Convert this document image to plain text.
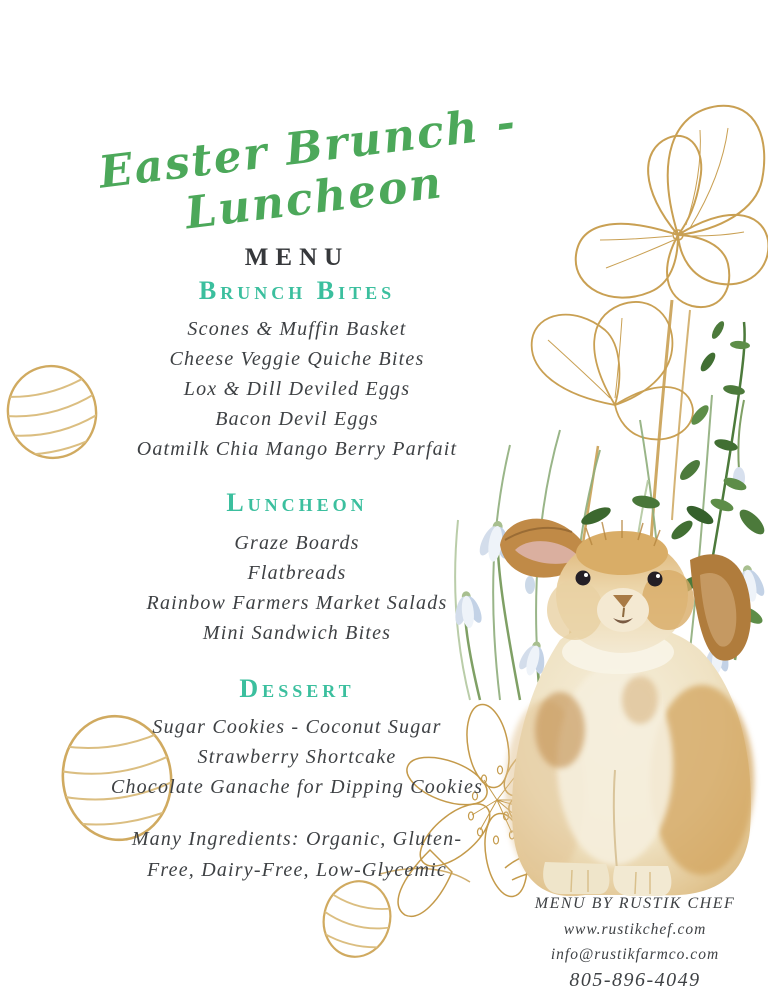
Easter Brunch - Luncheon
MENU
Brunch Bites
Scones & Muffin Basket
Cheese Veggie Quiche Bites
Lox & Dill Deviled Eggs
Bacon Devil Eggs
Oatmilk Chia Mango Berry Parfait
Luncheon
Graze Boards
Flatbreads
Rainbow Farmers Market Salads
Mini Sandwich Bites
Dessert
Sugar Cookies - Coconut Sugar
Strawberry Shortcake
Chocolate Ganache for Dipping Cookies
Many Ingredients: Organic, Gluten-
Free, Dairy-Free, Low-Glycemic
MENU BY RUSTIK CHEF
www.rustikchef.com
info@rustikfarmco.com
805-896-4049
